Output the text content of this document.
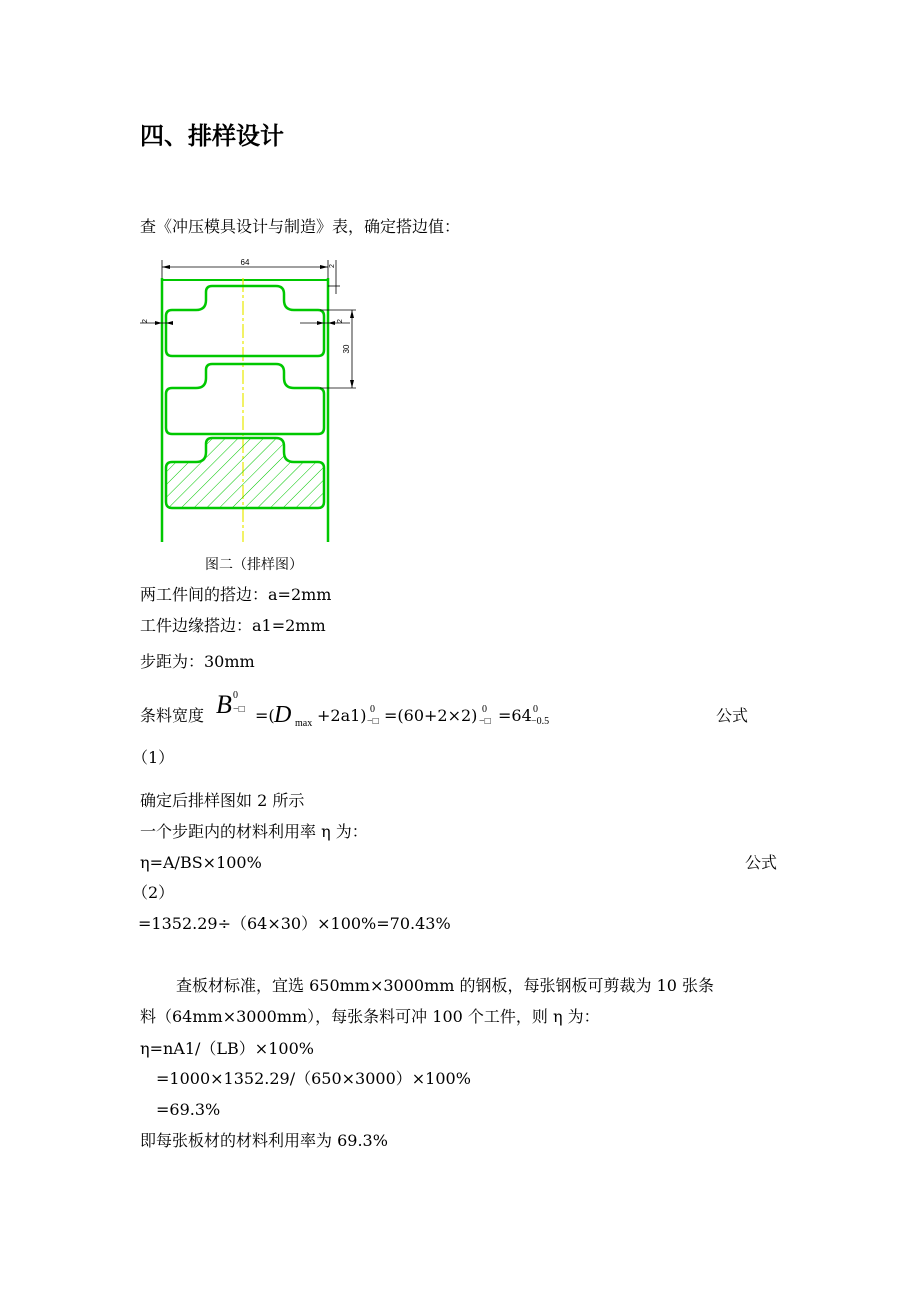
四、排样设计
查《冲压模具设计与制造》表，确定搭边值：
64	2
2	2
30
图二（排样图）
两工件间的搭边：a=2mm
工件边缘搭边：a1=2mm
步距为：30mm
条料宽度 B 0
−□ =( D max +2a1) 0
−□ =(60+2×2) 0
−□ =64 0
−0.5	公式
（1）
确定后排样图如 2 所示
一个步距内的材料利用率 η 为：
η=A/BS×100%	公式
（2）
=1352.29÷（64×30）×100%=70.43%
查板材标准，宜选 650mm×3000mm 的钢板，每张钢板可剪裁为 10 张条
料（64mm×3000mm），每张条料可冲 100 个工件，则 η 为：
η=nA1/（LB）×100%
=1000×1352.29/（650×3000）×100%
=69.3%
即每张板材的材料利用率为 69.3%
